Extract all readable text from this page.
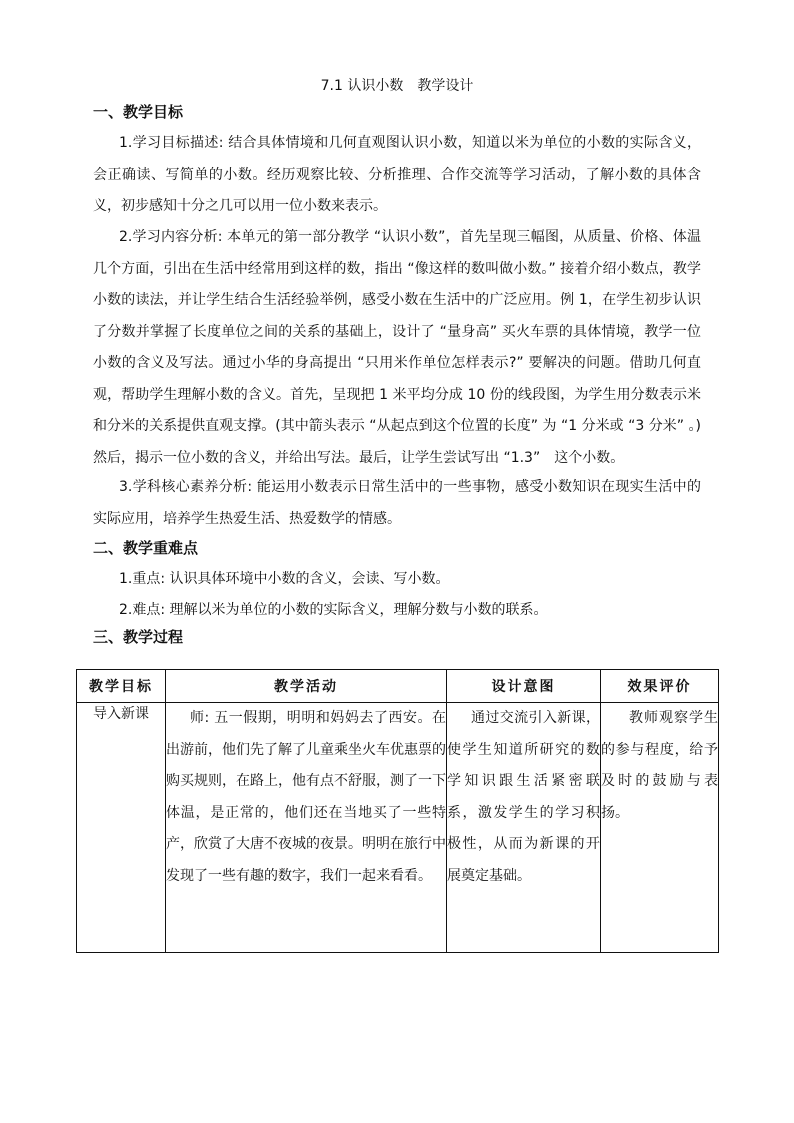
7.1 认识小数　教学设计
一、教学目标

1.学习目标描述: 结合具体情境和几何直观图认识小数，知道以米为单位的小数的实际含义，会正确读、写简单的小数。经历观察比较、分析推理、合作交流等学习活动，了解小数的具体含义，初步感知十分之几可以用一位小数来表示。

2.学习内容分析: 本单元的第一部分教学 “认识小数”，首先呈现三幅图，从质量、价格、体温几个方面，引出在生活中经常用到这样的数，指出 “像这样的数叫做小数。” 接着介绍小数点，教学小数的读法，并让学生结合生活经验举例，感受小数在生活中的广泛应用。例 1，在学生初步认识了分数并掌握了长度单位之间的关系的基础上，设计了 “量身高” 买火车票的具体情境，教学一位小数的含义及写法。通过小华的身高提出 “只用米作单位怎样表示?” 要解决的问题。借助几何直观，帮助学生理解小数的含义。首先，呈现把 1 米平均分成 10 份的线段图，为学生用分数表示米和分米的关系提供直观支撑。(其中箭头表示 “从起点到这个位置的长度” 为 “1 分米或 “3 分米” 。)然后，揭示一位小数的含义，并给出写法。最后，让学生尝试写出 “1.3”　这个小数。

3.学科核心素养分析: 能运用小数表示日常生活中的一些事物，感受小数知识在现实生活中的实际应用，培养学生热爱生活、热爱数学的情感。

二、教学重难点
1.重点: 认识具体环境中小数的含义，会读、写小数。
2.难点: 理解以米为单位的小数的实际含义，理解分数与小数的联系。
三、教学过程
教学目标	教学活动	设计意图	效果评价
导入新课	师: 五一假期，明明和妈妈去了西安。在出游前，他们先了解了儿童乘坐火车优惠票的购买规则，在路上，他有点不舒服，测了一下体温，是正常的，他们还在当地买了一些特产，欣赏了大唐不夜城的夜景。明明在旅行中发现了一些有趣的数字，我们一起来看看。	通过交流引入新课，使学生知道所研究的数学知识跟生活紧密联系，激发学生的学习积极性，从而为新课的开展奠定基础。	教师观察学生的参与程度，给予及时的鼓励与表扬。
